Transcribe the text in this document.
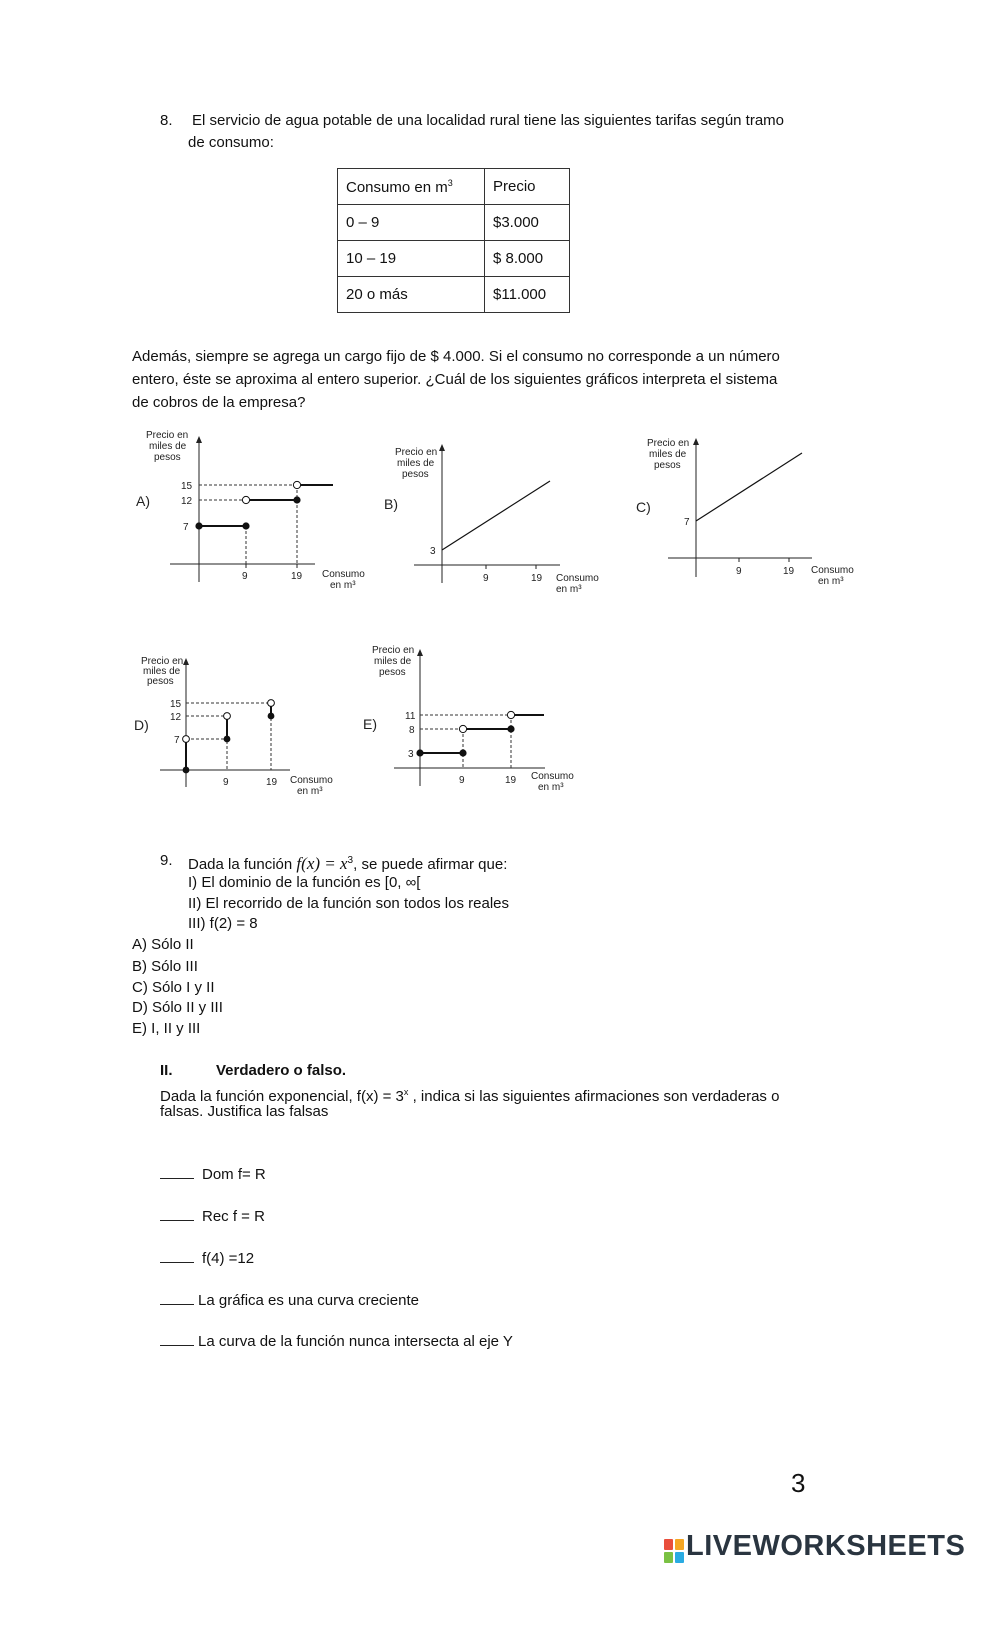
8. El servicio de agua potable de una localidad rural tiene las siguientes tarifas según tramo
de consumo:
Consumo en $m^3$	Precio
0 – 9	$3.000
10 – 19	$ 8.000
20 o más	$11.000
Además, siempre se agrega un cargo fijo de $ 4.000. Si el consumo no corresponde a un número
entero, éste se aproxima al entero superior. ¿Cuál de los siguientes gráficos interpreta el sistema
de cobros de la empresa?
Precio en
miles de
pesos
A)
15
12
7
9	19 Consumo
en m³
Precio en
miles de
pesos
B)
3
9	19 Consumo
en m³
Precio en
miles de
pesos
C)
7
9	19 Consumo
en m³
Precio en
miles de
pesos
D)
15
12
7
9	19 Consumo
en m³
Precio en
miles de
pesos
E)	11
8
3
9	19 Consumo
en m³
9. Dada la función $f(x) = x^3$, se puede afirmar que:
I) El dominio de la función es [0, ∞[
II) El recorrido de la función son todos los reales
III) f(2) = 8
A) Sólo II
B) Sólo III
C) Sólo I y II
D) Sólo II y III
E) I, II y III
II.	Verdadero o falso.
Dada la función exponencial, $f(x) = 3^x$ , indica si las siguientes afirmaciones son verdaderas o
falsas. Justifica las falsas
Dom f= R
Rec f = R
f(4) =12
La gráfica es una curva creciente
La curva de la función nunca intersecta al eje Y
3
LIVEWORKSHEETS
